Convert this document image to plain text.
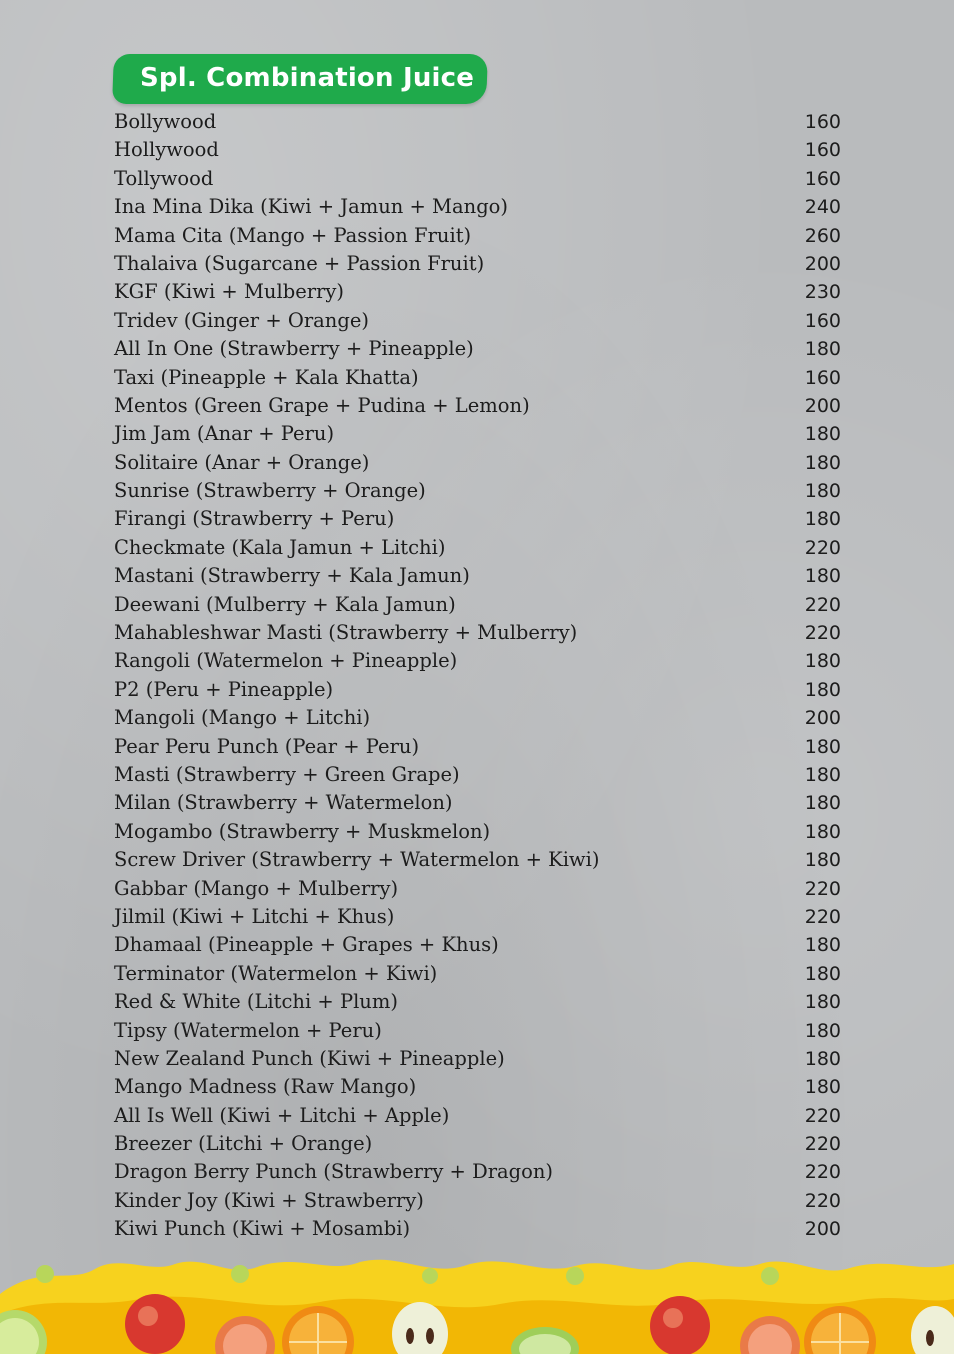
Spl. Combination Juice
Bollywood	160
Hollywood	160
Tollywood	160
Ina Mina Dika (Kiwi + Jamun + Mango)	240
Mama Cita (Mango + Passion Fruit)	260
Thalaiva (Sugarcane + Passion Fruit)	200
KGF (Kiwi + Mulberry)	230
Tridev (Ginger + Orange)	160
All In One (Strawberry + Pineapple)	180
Taxi (Pineapple + Kala Khatta)	160
Mentos (Green Grape + Pudina + Lemon)	200
Jim Jam (Anar + Peru)	180
Solitaire (Anar + Orange)	180
Sunrise (Strawberry + Orange)	180
Firangi (Strawberry + Peru)	180
Checkmate (Kala Jamun + Litchi)	220
Mastani (Strawberry + Kala Jamun)	180
Deewani (Mulberry + Kala Jamun)	220
Mahableshwar Masti (Strawberry + Mulberry)	220
Rangoli (Watermelon + Pineapple)	180
P2 (Peru + Pineapple)	180
Mangoli (Mango + Litchi)	200
Pear Peru Punch (Pear + Peru)	180
Masti (Strawberry + Green Grape)	180
Milan (Strawberry + Watermelon)	180
Mogambo (Strawberry + Muskmelon)	180
Screw Driver (Strawberry + Watermelon + Kiwi)	180
Gabbar (Mango + Mulberry)	220
Jilmil (Kiwi + Litchi + Khus)	220
Dhamaal (Pineapple + Grapes + Khus)	180
Terminator (Watermelon + Kiwi)	180
Red & White (Litchi + Plum)	180
Tipsy (Watermelon + Peru)	180
New Zealand Punch (Kiwi + Pineapple)	180
Mango Madness (Raw Mango)	180
All Is Well (Kiwi + Litchi + Apple)	220
Breezer (Litchi + Orange)	220
Dragon Berry Punch (Strawberry + Dragon)	220
Kinder Joy (Kiwi + Strawberry)	220
Kiwi Punch (Kiwi + Mosambi)	200
